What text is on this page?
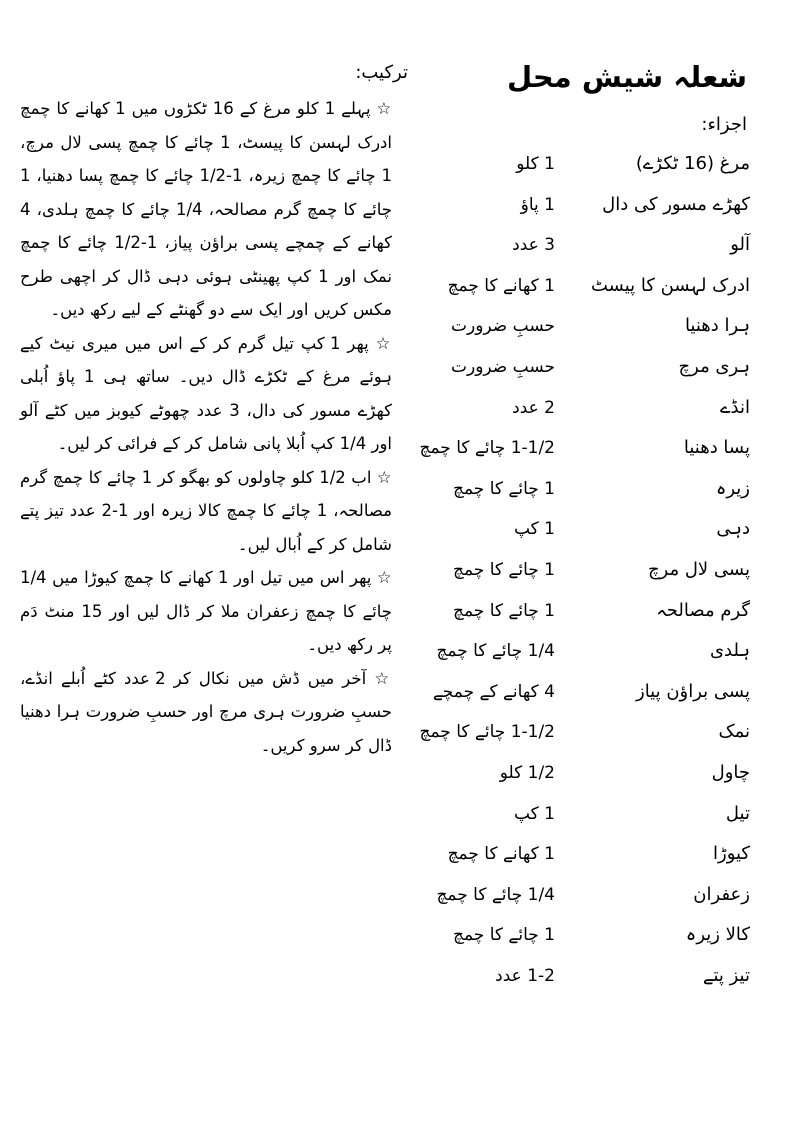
شعلہ شیش محل
اجزاء:
مرغ (16 ٹکڑے)
1 کلو
کھڑے مسور کی دال
1 پاؤ
آلو
3 عدد
ادرک لہسن کا پیسٹ
1 کھانے کا چمچ
ہرا دھنیا
حسبِ ضرورت
ہری مرچ
حسبِ ضرورت
انڈے
2 عدد
پسا دھنیا
1-1/2 چائے کا چمچ
زیرہ
1 چائے کا چمچ
دہی
1 کپ
پسی لال مرچ
1 چائے کا چمچ
گرم مصالحہ
1 چائے کا چمچ
ہلدی
1/4 چائے کا چمچ
پسی براؤن پیاز
4 کھانے کے چمچے
نمک
1-1/2 چائے کا چمچ
چاول
1/2 کلو
تیل
1 کپ
کیوڑا
1 کھانے کا چمچ
زعفران
1/4 چائے کا چمچ
کالا زیرہ
1 چائے کا چمچ
تیز پتے
1-2 عدد
ترکیب:

☆ پہلے 1 کلو مرغ کے 16 ٹکڑوں میں 1 کھانے کا چمچ ادرک لہسن کا پیسٹ، 1 چائے کا چمچ پسی لال مرچ، 1 چائے کا چمچ زیرہ، 1-1/2 چائے کا چمچ پسا دھنیا، 1 چائے کا چمچ گرم مصالحہ، 1/4 چائے کا چمچ ہلدی، 4 کھانے کے چمچے پسی براؤن پیاز، 1-1/2 چائے کا چمچ نمک اور 1 کپ پھینٹی ہوئی دہی ڈال کر اچھی طرح مکس کریں اور ایک سے دو گھنٹے کے لیے رکھ دیں۔

☆ پھر 1 کپ تیل گرم کر کے اس میں میری نیٹ کیے ہوئے مرغ کے ٹکڑے ڈال دیں۔ ساتھ ہی 1 پاؤ اُبلی کھڑے مسور کی دال، 3 عدد چھوٹے کیوبز میں کٹے آلو اور 1/4 کپ اُبلا پانی شامل کر کے فرائی کر لیں۔

☆ اب 1/2 کلو چاولوں کو بھگو کر 1 چائے کا چمچ گرم مصالحہ، 1 چائے کا چمچ کالا زیرہ اور 1-2 عدد تیز پتے شامل کر کے اُبال لیں۔

☆ پھر اس میں تیل اور 1 کھانے کا چمچ کیوڑا میں 1/4 چائے کا چمچ زعفران ملا کر ڈال لیں اور 15 منٹ دَم پر رکھ دیں۔

☆ آخر میں ڈش میں نکال کر 2 عدد کٹے اُبلے انڈے، حسبِ ضرورت ہری مرچ اور حسبِ ضرورت ہرا دھنیا ڈال کر سرو کریں۔
